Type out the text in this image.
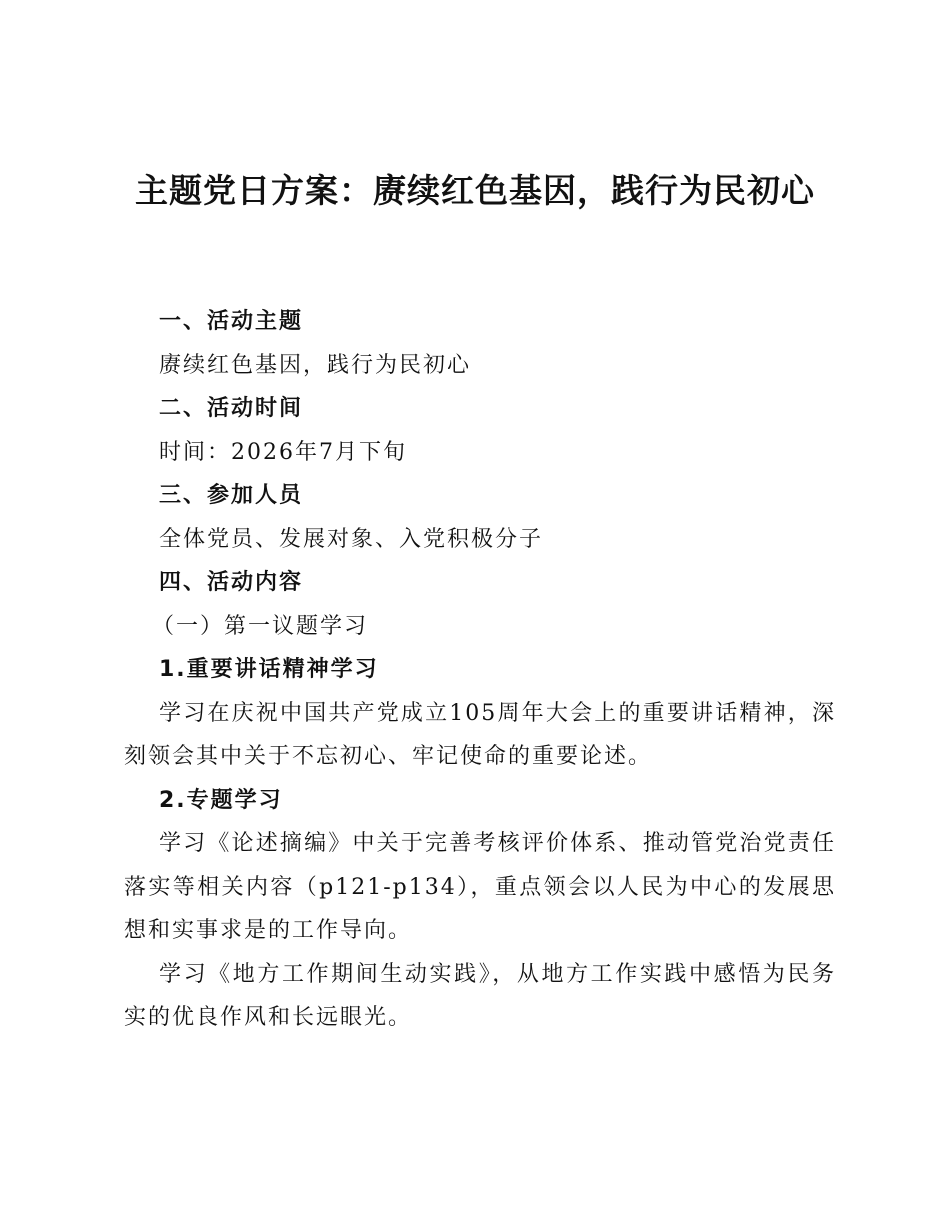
主题党日方案：赓续红色基因，践行为民初心
一、活动主题

赓续红色基因，践行为民初心

二、活动时间

时间：2026年7月下旬

三、参加人员

全体党员、发展对象、入党积极分子

四、活动内容

（一）第一议题学习

1.重要讲话精神学习

学习在庆祝中国共产党成立105周年大会上的重要讲话精神，深刻领会其中关于不忘初心、牢记使命的重要论述。

2.专题学习

学习《论述摘编》中关于完善考核评价体系、推动管党治党责任落实等相关内容（p121-p134），重点领会以人民为中心的发展思想和实事求是的工作导向。

学习《地方工作期间生动实践》，从地方工作实践中感悟为民务实的优良作风和长远眼光。
